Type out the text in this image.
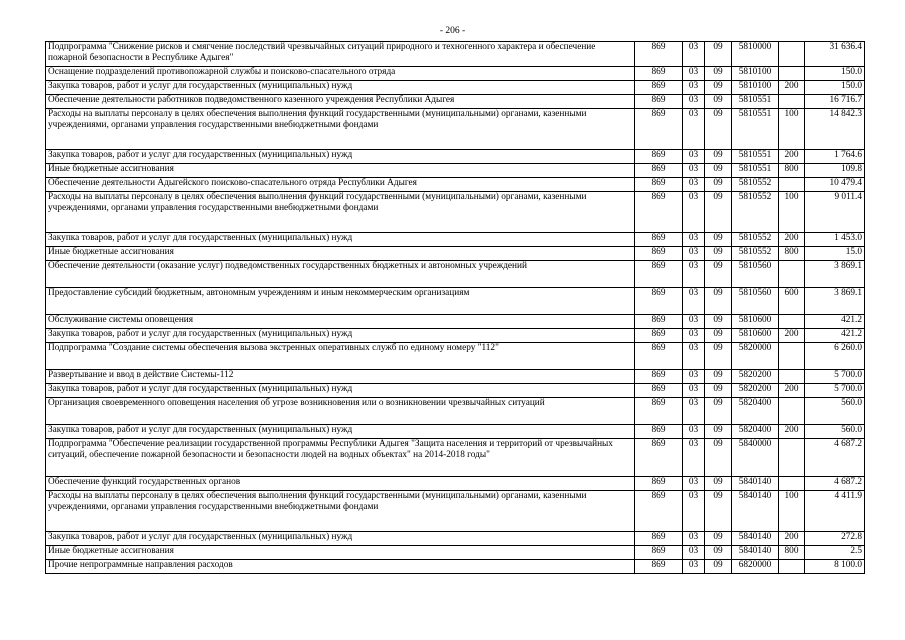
- 206 -
Подпрограмма "Снижение рисков и смягчение последствий чрезвычайных ситуаций природного и техногенного характера и обеспечение пожарной безопасности в Республике Адыгея"	869	03	09	5810000		31 636.4
Оснащение подразделений противопожарной службы и поисково-спасательного отряда	869	03	09	5810100		150.0
Закупка товаров, работ и услуг для государственных (муниципальных) нужд	869	03	09	5810100	200	150.0
Обеспечение деятельности работников подведомственного казенного учреждения Республики Адыгея	869	03	09	5810551		16 716.7
Расходы на выплаты персоналу в целях обеспечения выполнения функций государственными (муниципальными) органами, казенными учреждениями, органами управления государственными внебюджетными фондами	869	03	09	5810551	100	14 842.3
Закупка товаров, работ и услуг для государственных (муниципальных) нужд	869	03	09	5810551	200	1 764.6
Иные бюджетные ассигнования	869	03	09	5810551	800	109.8
Обеспечение деятельности Адыгейского поисково-спасательного отряда Республики Адыгея	869	03	09	5810552		10 479.4
Расходы на выплаты персоналу в целях обеспечения выполнения функций государственными (муниципальными) органами, казенными учреждениями, органами управления государственными внебюджетными фондами	869	03	09	5810552	100	9 011.4
Закупка товаров, работ и услуг для государственных (муниципальных) нужд	869	03	09	5810552	200	1 453.0
Иные бюджетные ассигнования	869	03	09	5810552	800	15.0
Обеспечение деятельности (оказание услуг) подведомственных государственных бюджетных и автономных учреждений	869	03	09	5810560		3 869.1
Предоставление субсидий бюджетным, автономным учреждениям и иным некоммерческим организациям	869	03	09	5810560	600	3 869.1
Обслуживание системы оповещения	869	03	09	5810600		421.2
Закупка товаров, работ и услуг для государственных (муниципальных) нужд	869	03	09	5810600	200	421.2
Подпрограмма "Создание системы обеспечения вызова экстренных оперативных служб по единому номеру "112"	869	03	09	5820000		6 260.0
Развертывание и ввод в действие Системы-112	869	03	09	5820200		5 700.0
Закупка товаров, работ и услуг для государственных (муниципальных) нужд	869	03	09	5820200	200	5 700.0
Организация своевременного оповещения населения об угрозе возникновения или о возникновении чрезвычайных ситуаций	869	03	09	5820400		560.0
Закупка товаров, работ и услуг для государственных (муниципальных) нужд	869	03	09	5820400	200	560.0
Подпрограмма "Обеспечение реализации государственной программы Республики Адыгея "Защита населения и территорий от чрезвычайных ситуаций, обеспечение пожарной безопасности и безопасности людей на водных объектах" на 2014-2018 годы"	869	03	09	5840000		4 687.2
Обеспечение функций государственных органов	869	03	09	5840140		4 687.2
Расходы на выплаты персоналу в целях обеспечения выполнения функций государственными (муниципальными) органами, казенными учреждениями, органами управления государственными внебюджетными фондами	869	03	09	5840140	100	4 411.9
Закупка товаров, работ и услуг для государственных (муниципальных) нужд	869	03	09	5840140	200	272.8
Иные бюджетные ассигнования	869	03	09	5840140	800	2.5
Прочие непрограммные направления расходов	869	03	09	6820000		8 100.0
